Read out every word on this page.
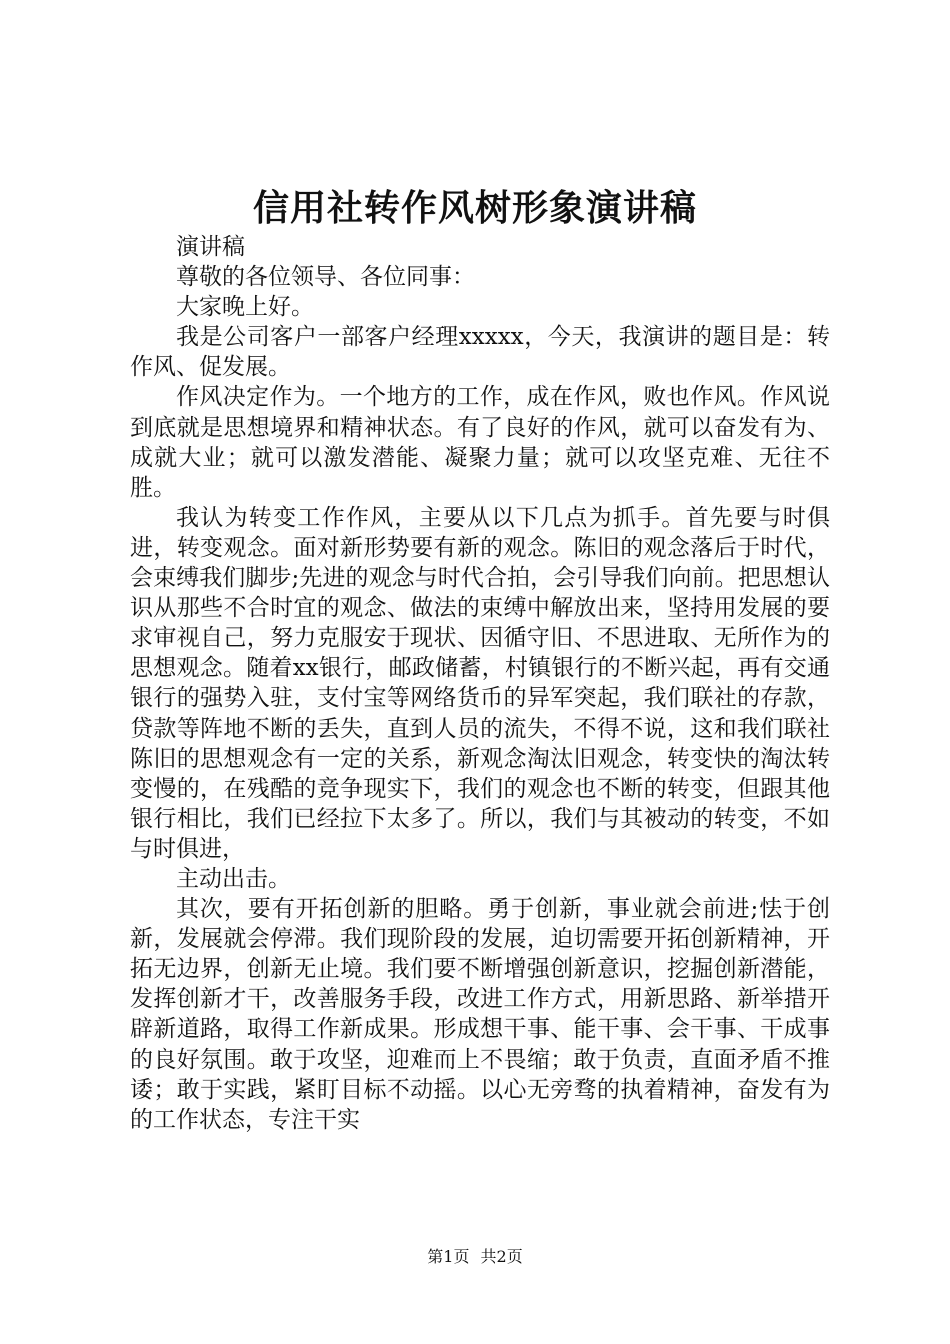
信用社转作风树形象演讲稿

演讲稿

尊敬的各位领导、各位同事：

大家晚上好。

我是公司客户一部客户经理xxxxx，今天，我演讲的题目是：转作风、促发展。

作风决定作为。一个地方的工作，成在作风，败也作风。作风说到底就是思想境界和精神状态。有了良好的作风，就可以奋发有为、成就大业；就可以激发潜能、凝聚力量；就可以攻坚克难、无往不胜。

我认为转变工作作风，主要从以下几点为抓手。首先要与时俱进，转变观念。面对新形势要有新的观念。陈旧的观念落后于时代，会束缚我们脚步;先进的观念与时代合拍，会引导我们向前。把思想认识从那些不合时宜的观念、做法的束缚中解放出来，坚持用发展的要求审视自己，努力克服安于现状、因循守旧、不思进取、无所作为的思想观念。随着xx银行，邮政储蓄，村镇银行的不断兴起，再有交通银行的强势入驻，支付宝等网络货币的异军突起，我们联社的存款，贷款等阵地不断的丢失，直到人员的流失，不得不说，这和我们联社陈旧的思想观念有一定的关系，新观念淘汰旧观念，转变快的淘汰转变慢的，在残酷的竞争现实下，我们的观念也不断的转变，但跟其他银行相比，我们已经拉下太多了。所以，我们与其被动的转变，不如与时俱进，

主动出击。

其次，要有开拓创新的胆略。勇于创新，事业就会前进;怯于创新，发展就会停滞。我们现阶段的发展，迫切需要开拓创新精神，开拓无边界，创新无止境。我们要不断增强创新意识，挖掘创新潜能，发挥创新才干，改善服务手段，改进工作方式，用新思路、新举措开辟新道路，取得工作新成果。形成想干事、能干事、会干事、干成事的良好氛围。敢于攻坚，迎难而上不畏缩；敢于负责，直面矛盾不推诿；敢于实践，紧盯目标不动摇。以心无旁骛的执着精神，奋发有为的工作状态，专注干实

第1页 共2页
